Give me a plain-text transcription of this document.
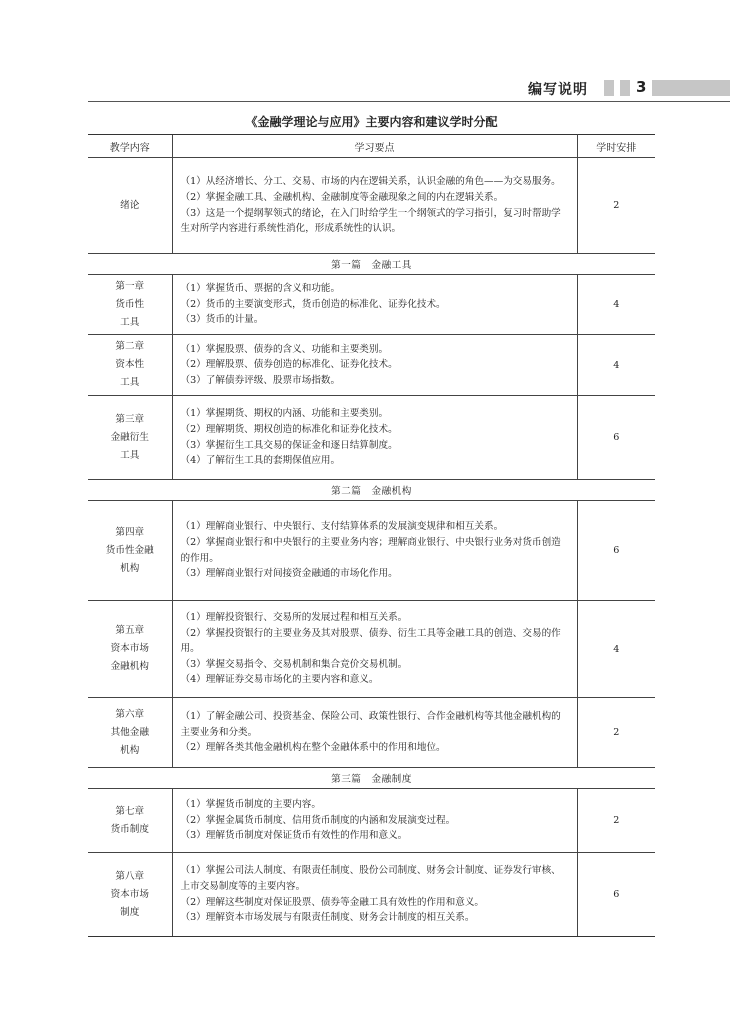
编写说明	3
《金融学理论与应用》主要内容和建议学时分配
教学内容	学习要点	学时安排

绪论	（1）从经济增长、分工、交易、市场的内在逻辑关系，认识金融的角色——为交易服务。
（2）掌握金融工具、金融机构、金融制度等金融现象之间的内在逻辑关系。
（3）这是一个提纲挈领式的绪论，在入门时给学生一个纲领式的学习指引，复习时帮助学生对所学内容进行系统性消化，形成系统性的认识。	2
第一篇　金融工具		

第一章
货币性
工具	（1）掌握货币、票据的含义和功能。
（2）货币的主要演变形式，货币创造的标准化、证券化技术。
（3）货币的计量。	4

第二章
资本性
工具	（1）掌握股票、债券的含义、功能和主要类别。
（2）理解股票、债券创造的标准化、证券化技术。
（3）了解债券评级、股票市场指数。	4

第三章
金融衍生
工具	（1）掌握期货、期权的内涵、功能和主要类别。
（2）理解期货、期权创造的标准化和证券化技术。
（3）掌握衍生工具交易的保证金和逐日结算制度。
（4）了解衍生工具的套期保值应用。	6
第二篇　金融机构		

第四章
货币性金融
机构	（1）理解商业银行、中央银行、支付结算体系的发展演变规律和相互关系。
（2）掌握商业银行和中央银行的主要业务内容；理解商业银行、中央银行业务对货币创造的作用。
（3）理解商业银行对间接资金融通的市场化作用。	6

第五章
资本市场
金融机构	（1）理解投资银行、交易所的发展过程和相互关系。
（2）掌握投资银行的主要业务及其对股票、债券、衍生工具等金融工具的创造、交易的作用。
（3）掌握交易指令、交易机制和集合竞价交易机制。
（4）理解证券交易市场化的主要内容和意义。	4

第六章
其他金融
机构	（1）了解金融公司、投资基金、保险公司、政策性银行、合作金融机构等其他金融机构的主要业务和分类。
（2）理解各类其他金融机构在整个金融体系中的作用和地位。	2
第三篇　金融制度		

第七章
货币制度	（1）掌握货币制度的主要内容。
（2）掌握金属货币制度、信用货币制度的内涵和发展演变过程。
（3）理解货币制度对保证货币有效性的作用和意义。	2

第八章
资本市场
制度	（1）掌握公司法人制度、有限责任制度、股份公司制度、财务会计制度、证券发行审核、上市交易制度等的主要内容。
（2）理解这些制度对保证股票、债券等金融工具有效性的作用和意义。
（3）理解资本市场发展与有限责任制度、财务会计制度的相互关系。	6
